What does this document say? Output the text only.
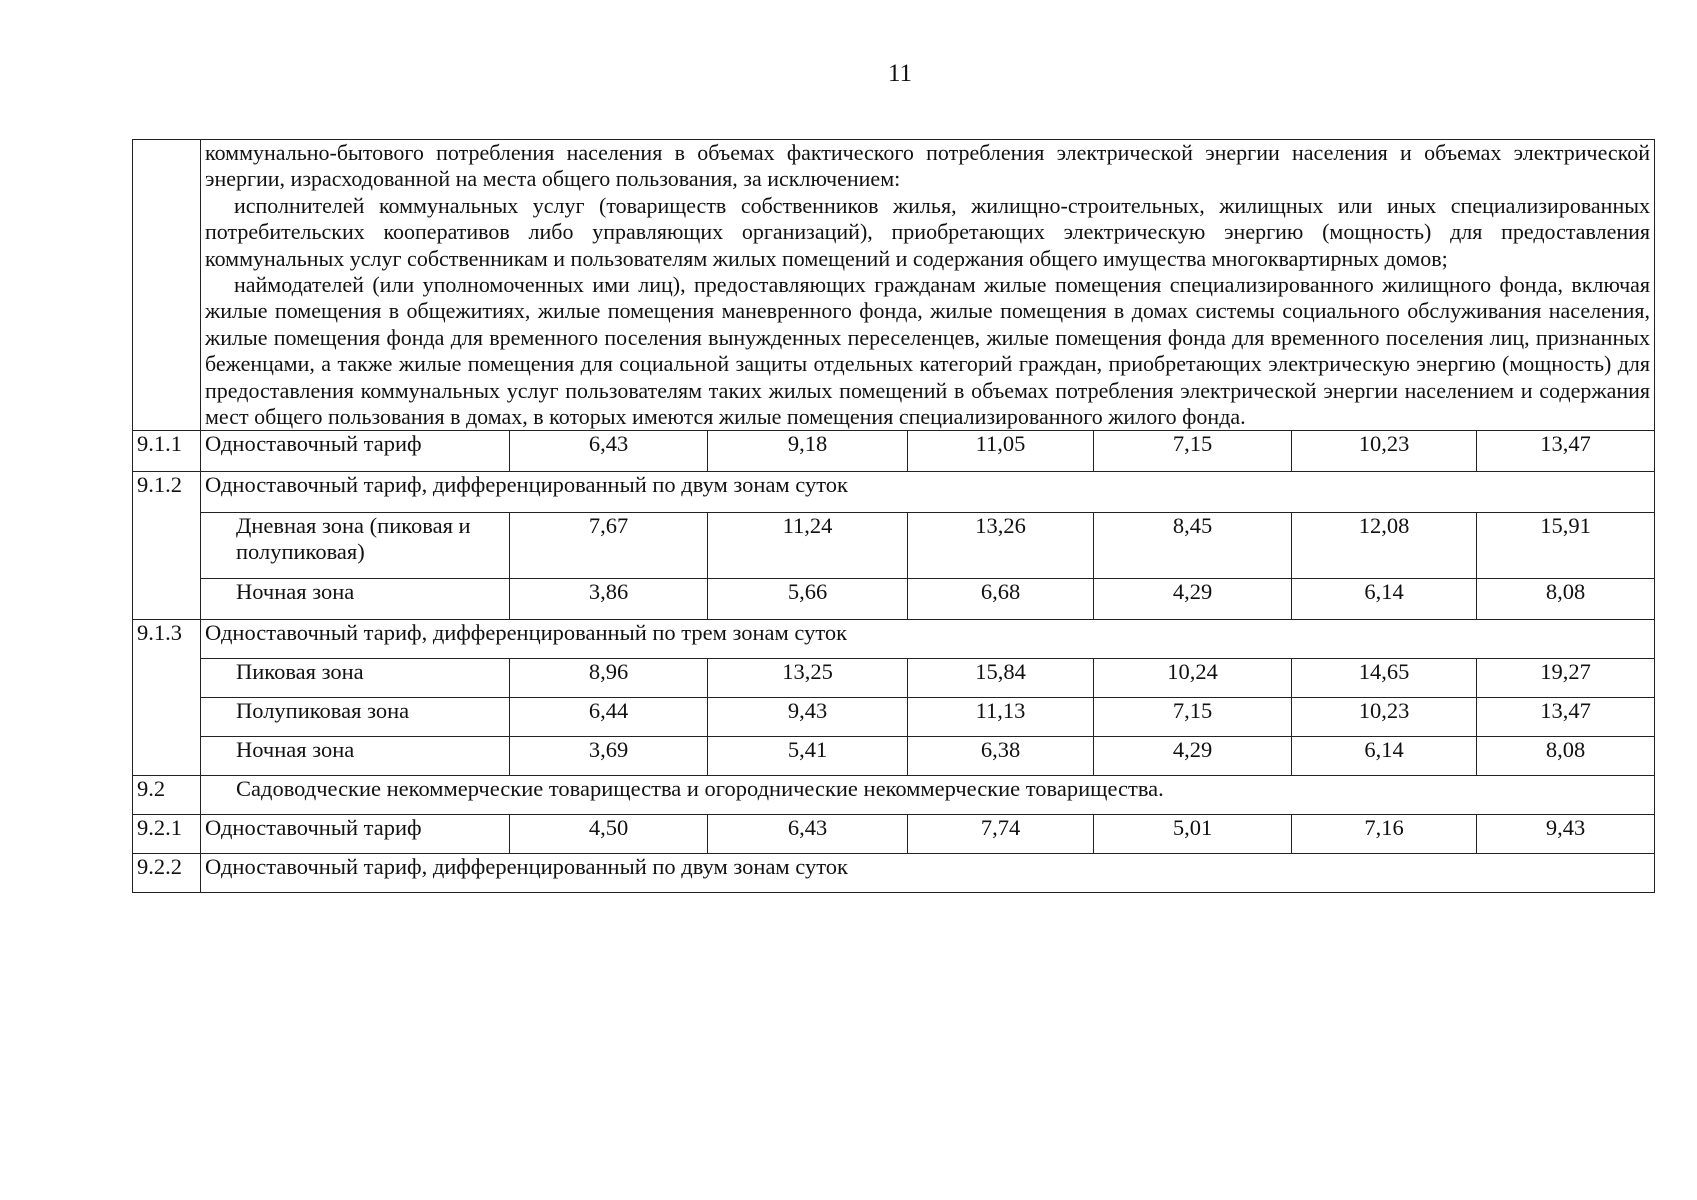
11

	коммунально-бытового потребления населения в объемах фактического потребления электрической энергии населения и объемах электрической энергии, израсходованной на места общего пользования, за исключением:

исполнителей коммунальных услуг (товариществ собственников жилья, жилищно-строительных, жилищных или иных специализированных потребительских кооперативов либо управляющих организаций), приобретающих электрическую энергию (мощность) для предоставления коммунальных услуг собственникам и пользователям жилых помещений и содержания общего имущества многоквартирных домов;

наймодателей (или уполномоченных ими лиц), предоставляющих гражданам жилые помещения специализированного жилищного фонда, включая жилые помещения в общежитиях, жилые помещения маневренного фонда, жилые помещения в домах системы социального обслуживания населения, жилые помещения фонда для временного поселения вынужденных переселенцев, жилые помещения фонда для временного поселения лиц, признанных беженцами, а также жилые помещения для социальной защиты отдельных категорий граждан, приобретающих электрическую энергию (мощность) для предоставления коммунальных услуг пользователям таких жилых помещений в объемах потребления электрической энергии населением и содержания мест общего пользования в домах, в которых имеются жилые помещения специализированного жилого фонда.						

9.1.1	Одноставочный тариф	6,43	9,18	11,05	7,15	10,23	13,47
9.1.2	Одноставочный тариф, дифференцированный по двум зонам суток						
	Дневная зона (пиковая и полупиковая)	7,67	11,24	13,26	8,45	12,08	15,91
	Ночная зона	3,86	5,66	6,68	4,29	6,14	8,08
9.1.3	Одноставочный тариф, дифференцированный по трем зонам суток						
	Пиковая зона	8,96	13,25	15,84	10,24	14,65	19,27
	Полупиковая зона	6,44	9,43	11,13	7,15	10,23	13,47
	Ночная зона	3,69	5,41	6,38	4,29	6,14	8,08
9.2	Садоводческие некоммерческие товарищества и огороднические некоммерческие товарищества.						
9.2.1	Одноставочный тариф	4,50	6,43	7,74	5,01	7,16	9,43
9.2.2	Одноставочный тариф, дифференцированный по двум зонам суток						
